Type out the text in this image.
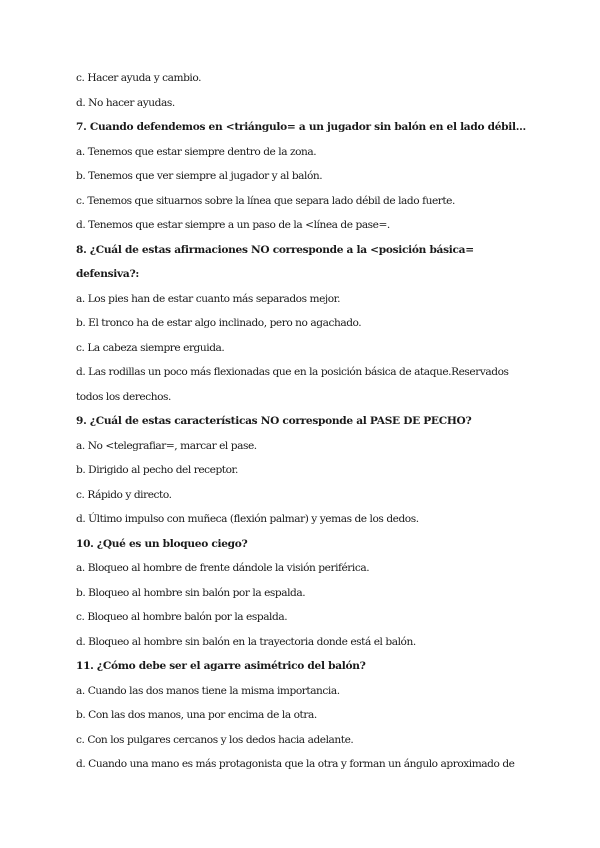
c. Hacer ayuda y cambio.
d. No hacer ayudas.
7. Cuando defendemos en <triángulo= a un jugador sin balón en el lado débil...
a. Tenemos que estar siempre dentro de la zona.
b. Tenemos que ver siempre al jugador y al balón.
c. Tenemos que situarnos sobre la línea que separa lado débil de lado fuerte.
d. Tenemos que estar siempre a un paso de la <línea de pase=.
8. ¿Cuál de estas afirmaciones NO corresponde a la <posición básica=
defensiva?:
a. Los pies han de estar cuanto más separados mejor.
b. El tronco ha de estar algo inclinado, pero no agachado.
c. La cabeza siempre erguida.
d. Las rodillas un poco más flexionadas que en la posición básica de ataque.Reservados
todos los derechos.
9. ¿Cuál de estas características NO corresponde al PASE DE PECHO?
a. No <telegrafiar=, marcar el pase.
b. Dirigido al pecho del receptor.
c. Rápido y directo.
d. Último impulso con muñeca (flexión palmar) y yemas de los dedos.
10. ¿Qué es un bloqueo ciego?
a. Bloqueo al hombre de frente dándole la visión periférica.
b. Bloqueo al hombre sin balón por la espalda.
c. Bloqueo al hombre balón por la espalda.
d. Bloqueo al hombre sin balón en la trayectoria donde está el balón.
11. ¿Cómo debe ser el agarre asimétrico del balón?
a. Cuando las dos manos tiene la misma importancia.
b. Con las dos manos, una por encima de la otra.
c. Con los pulgares cercanos y los dedos hacia adelante.
d. Cuando una mano es más protagonista que la otra y forman un ángulo aproximado de
